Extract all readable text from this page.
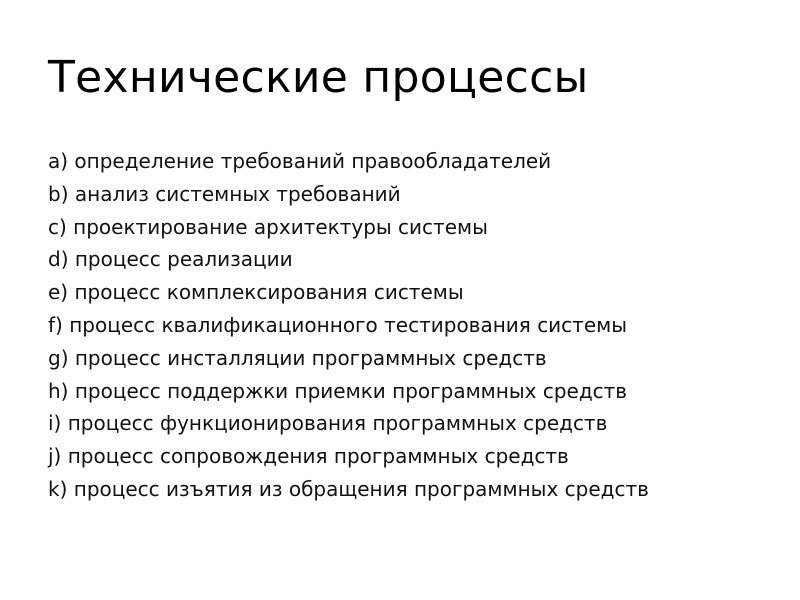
Технические процессы
a) определение требований правообладателей
b) анализ системных требований
c) проектирование архитектуры системы
d) процесс реализации
e) процесс комплексирования системы
f) процесс квалификационного тестирования системы
g) процесс инсталляции программных средств
h) процесс поддержки приемки программных средств
i) процесс функционирования программных средств
j) процесс сопровождения программных средств
k) процесс изъятия из обращения программных средств
